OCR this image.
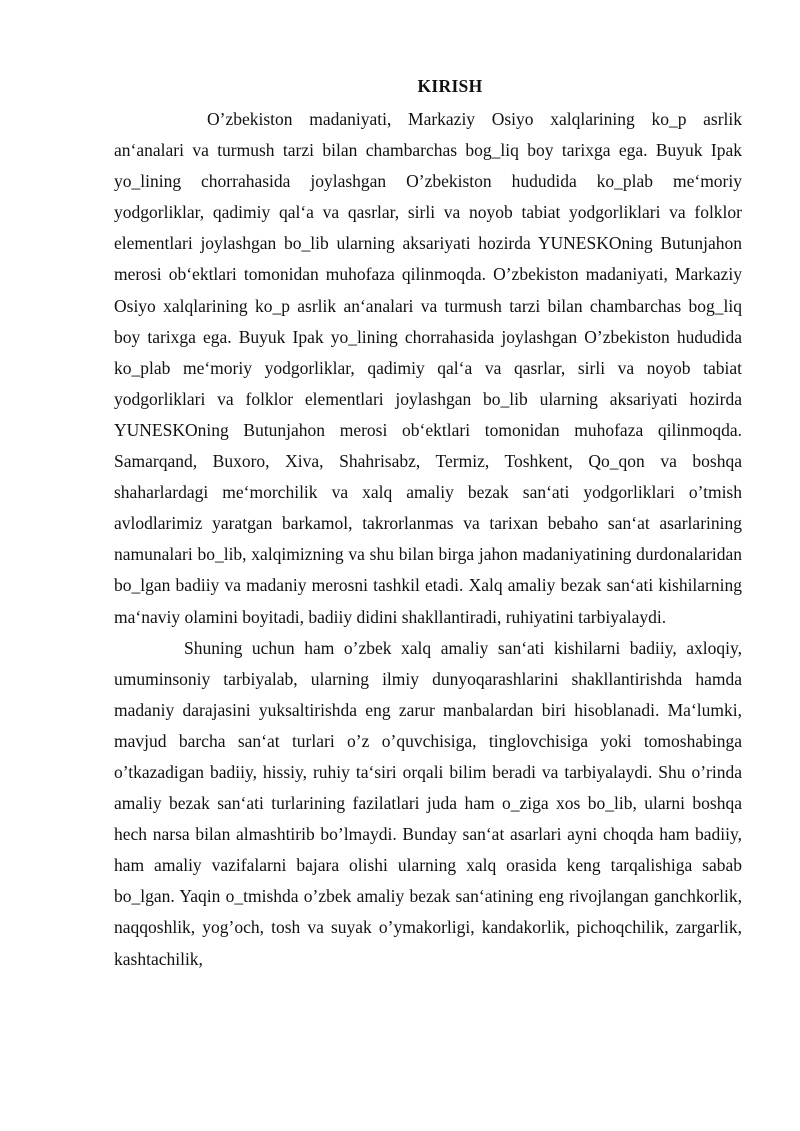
KIRISH

O’zbekiston madaniyati, Markaziy Osiyo xalqlarining ko_p asrlik an‘analari va turmush tarzi bilan chambarchas bog_liq boy tarixga ega. Buyuk Ipak yo_lining chorrahasida joylashgan O’zbekiston hududida ko_plab me‘moriy yodgorliklar, qadimiy qal‘a va qasrlar, sirli va noyob tabiat yodgorliklari va folklor elementlari joylashgan bo_lib ularning aksariyati hozirda YUNESKOning Butunjahon merosi ob‘ektlari tomonidan muhofaza qilinmoqda. O’zbekiston madaniyati, Markaziy Osiyo xalqlarining ko_p asrlik an‘analari va turmush tarzi bilan chambarchas bog_liq boy tarixga ega. Buyuk Ipak yo_lining chorrahasida joylashgan O’zbekiston hududida ko_plab me‘moriy yodgorliklar, qadimiy qal‘a va qasrlar, sirli va noyob tabiat yodgorliklari va folklor elementlari joylashgan bo_lib ularning aksariyati hozirda YUNESKOning Butunjahon merosi ob‘ektlari tomonidan muhofaza qilinmoqda. Samarqand, Buxoro, Xiva, Shahrisabz, Termiz, Toshkent, Qo_qon va boshqa shaharlardagi me‘morchilik va xalq amaliy bezak san‘ati yodgorliklari o’tmish avlodlarimiz yaratgan barkamol, takrorlanmas va tarixan bebaho san‘at asarlarining namunalari bo_lib, xalqimizning va shu bilan birga jahon madaniyatining durdonalaridan bo_lgan badiiy va madaniy merosni tashkil etadi. Xalq amaliy bezak san‘ati kishilarning ma‘naviy olamini boyitadi, badiiy didini shakllantiradi, ruhiyatini tarbiyalaydi.

Shuning uchun ham o’zbek xalq amaliy san‘ati kishilarni badiiy, axloqiy, umuminsoniy tarbiyalab, ularning ilmiy dunyoqarashlarini shakllantirishda hamda madaniy darajasini yuksaltirishda eng zarur manbalardan biri hisoblanadi. Ma‘lumki, mavjud barcha san‘at turlari o’z o’quvchisiga, tinglovchisiga yoki tomoshabinga o’tkazadigan badiiy, hissiy, ruhiy ta‘siri orqali bilim beradi va tarbiyalaydi. Shu o’rinda amaliy bezak san‘ati turlarining fazilatlari juda ham o_ziga xos bo_lib, ularni boshqa hech narsa bilan almashtirib bo’lmaydi. Bunday san‘at asarlari ayni choqda ham badiiy, ham amaliy vazifalarni bajara olishi ularning xalq orasida keng tarqalishiga sabab bo_lgan. Yaqin o_tmishda o’zbek amaliy bezak san‘atining eng rivojlangan ganchkorlik, naqqoshlik, yog’och, tosh va suyak o’ymakorligi, kandakorlik, pichoqchilik, zargarlik, kashtachilik,
